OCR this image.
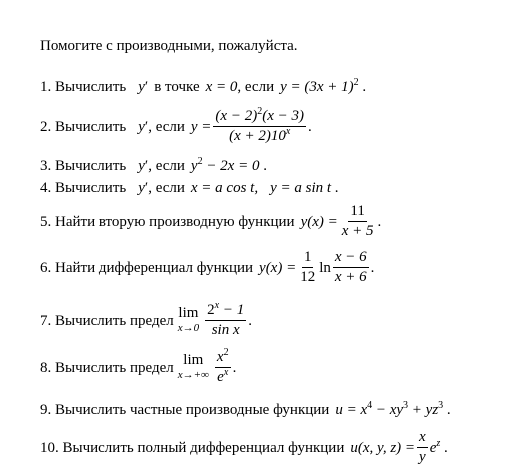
Помогите с производными, пожалуйста.
1.
Вычислить y′ в точке x = 0 , если y =
$(3x + 1)^2$
.
2.
Вычислить y′ , если $y = \frac{(x - 2)^2(x - 3)}{(x + 2)10^x}$ .
3.
Вычислить y′ , если $y^2 - 2x = 0$
.
4.
Вычислить y′ , если x = a cos t, y = a sin t
.
5.
Найти вторую производную функции $y(x) = \frac{11}{x + 5}$ .
6.
Найти дифференциал функции $y(x) = \frac{1}{12}$ $\ln \frac{x - 6}{x + 6}$ .
7.
Вычислить предел lim
$x\to 0 \frac{2^x - 1}{\text{sin x}}$ .
8.
Вычислить предел lim
$x\to+\infty \frac{x^2}{e^x}$ .
9.
Вычислить частные производные функции $u = x^4 - xy^3 + yz^3$
.
10.
Вычислить полный дифференциал функции u(x, y, $z) = \frac{x}{y} e^z$
.
